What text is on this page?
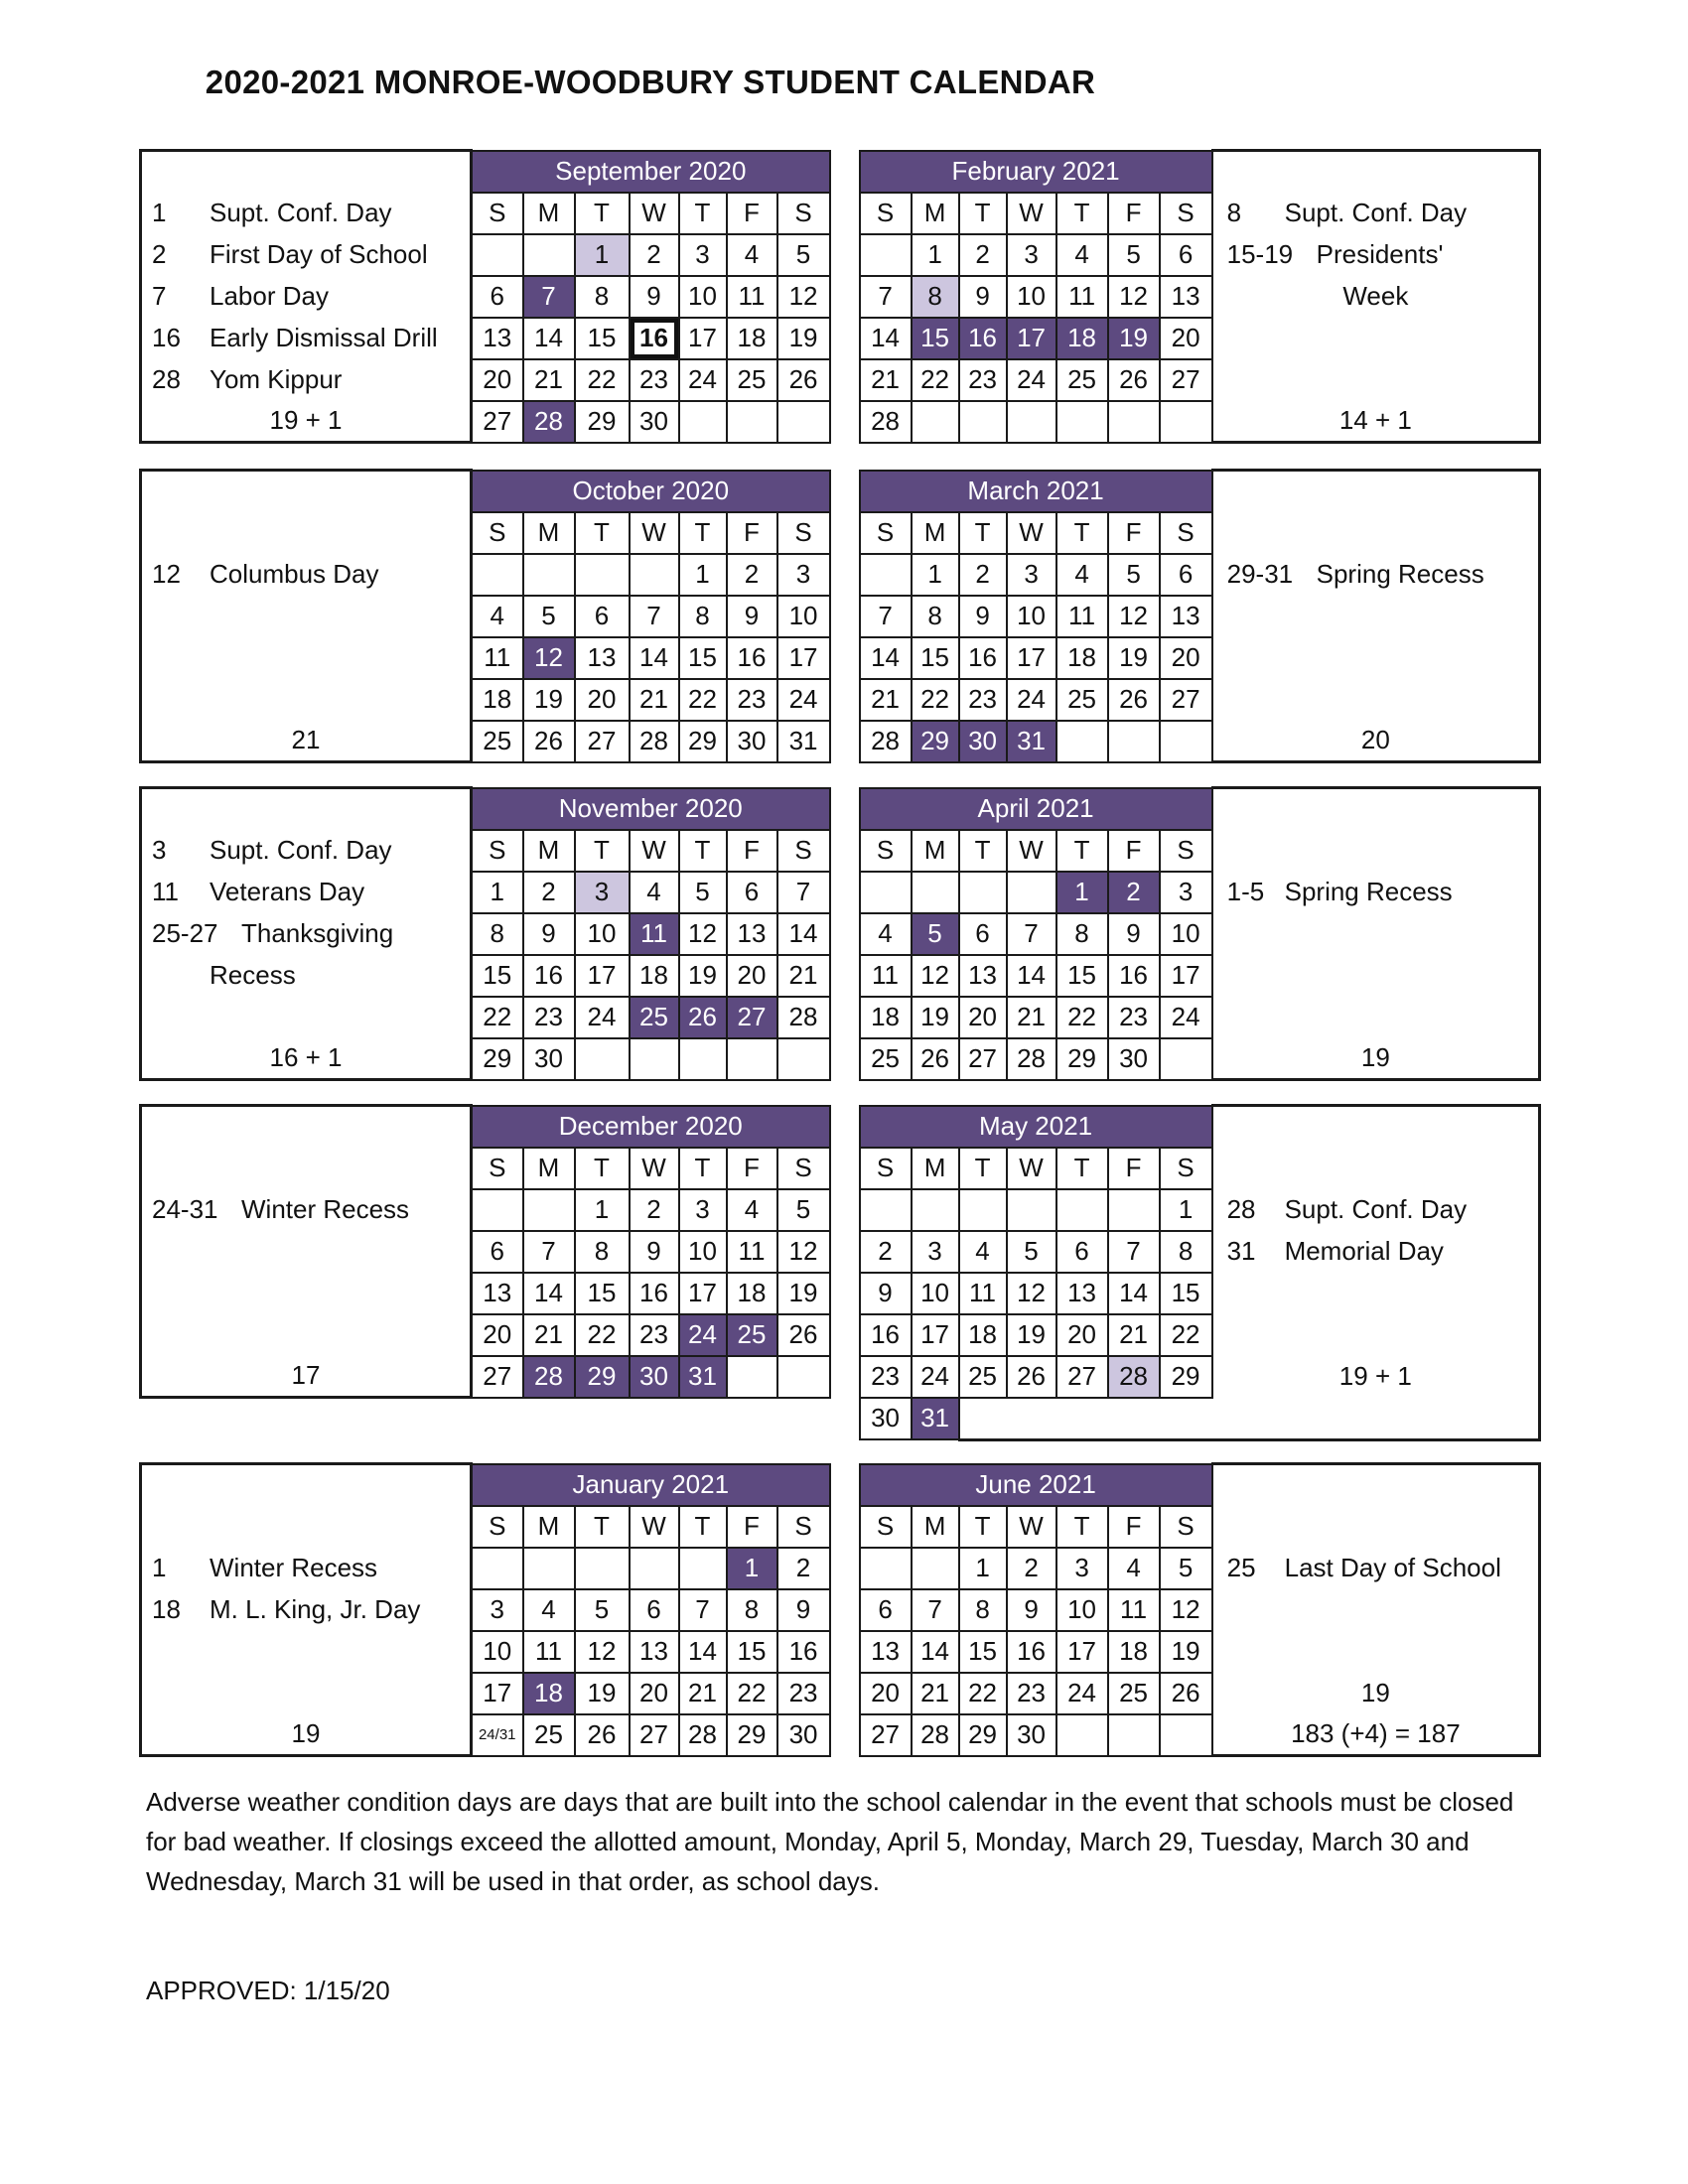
2020-2021 MONROE-WOODBURY STUDENT CALENDAR
	September 2020								February 2021							
1 Supt. Conf. Day	S	M	T	W	T	F	S		S	M	T	W	T	F	S	8 Supt. Conf. Day
2 First Day of School			1	2	3	4	5			1	2	3	4	5	6	15-19 Presidents'
7 Labor Day	6	7	8	9	10	11	12		7	8	9	10	11	12	13	Week
16 Early Dismissal Drill	13	14	15	16	17	18	19		14	15	16	17	18	19	20	
28 Yom Kippur	20	21	22	23	24	25	26		21	22	23	24	25	26	27	
19 + 1	27	28	29	30					28							14 + 1
	October 2020								March 2021							
	S	M	T	W	T	F	S		S	M	T	W	T	F	S	
12 Columbus Day					1	2	3			1	2	3	4	5	6	29-31 Spring Recess
	4	5	6	7	8	9	10		7	8	9	10	11	12	13	
	11	12	13	14	15	16	17		14	15	16	17	18	19	20	
	18	19	20	21	22	23	24		21	22	23	24	25	26	27	
21	25	26	27	28	29	30	31		28	29	30	31				20
	November 2020								April 2021							
3 Supt. Conf. Day	S	M	T	W	T	F	S		S	M	T	W	T	F	S	
11 Veterans Day	1	2	3	4	5	6	7						1	2	3	1-5 Spring Recess
25-27 Thanksgiving	8	9	10	11	12	13	14		4	5	6	7	8	9	10	
Recess	15	16	17	18	19	20	21		11	12	13	14	15	16	17	
	22	23	24	25	26	27	28		18	19	20	21	22	23	24	
16 + 1	29	30							25	26	27	28	29	30		19
	December 2020								May 2021							
	S	M	T	W	T	F	S		S	M	T	W	T	F	S	
24-31 Winter Recess			1	2	3	4	5								1	28 Supt. Conf. Day
	6	7	8	9	10	11	12		2	3	4	5	6	7	8	31 Memorial Day
	13	14	15	16	17	18	19		9	10	11	12	13	14	15	
	20	21	22	23	24	25	26		16	17	18	19	20	21	22	
17	27	28	29	30	31				23	24	25	26	27	28	29	19 + 1
									30	31						
	January 2021								June 2021							
	S	M	T	W	T	F	S		S	M	T	W	T	F	S	
1 Winter Recess						1	2				1	2	3	4	5	25 Last Day of School
18 M. L. King, Jr. Day	3	4	5	6	7	8	9		6	7	8	9	10	11	12	
	10	11	12	13	14	15	16		13	14	15	16	17	18	19	
	17	18	19	20	21	22	23		20	21	22	23	24	25	26	19
19	24/31	25	26	27	28	29	30		27	28	29	30				183 (+4) = 187
Adverse weather condition days are days that are built into the school calendar in the event that schools must be closed for bad weather. If closings exceed the allotted amount, Monday, April 5, Monday, March 29, Tuesday, March 30 and Wednesday, March 31 will be used in that order, as school days.
APPROVED: 1/15/20
